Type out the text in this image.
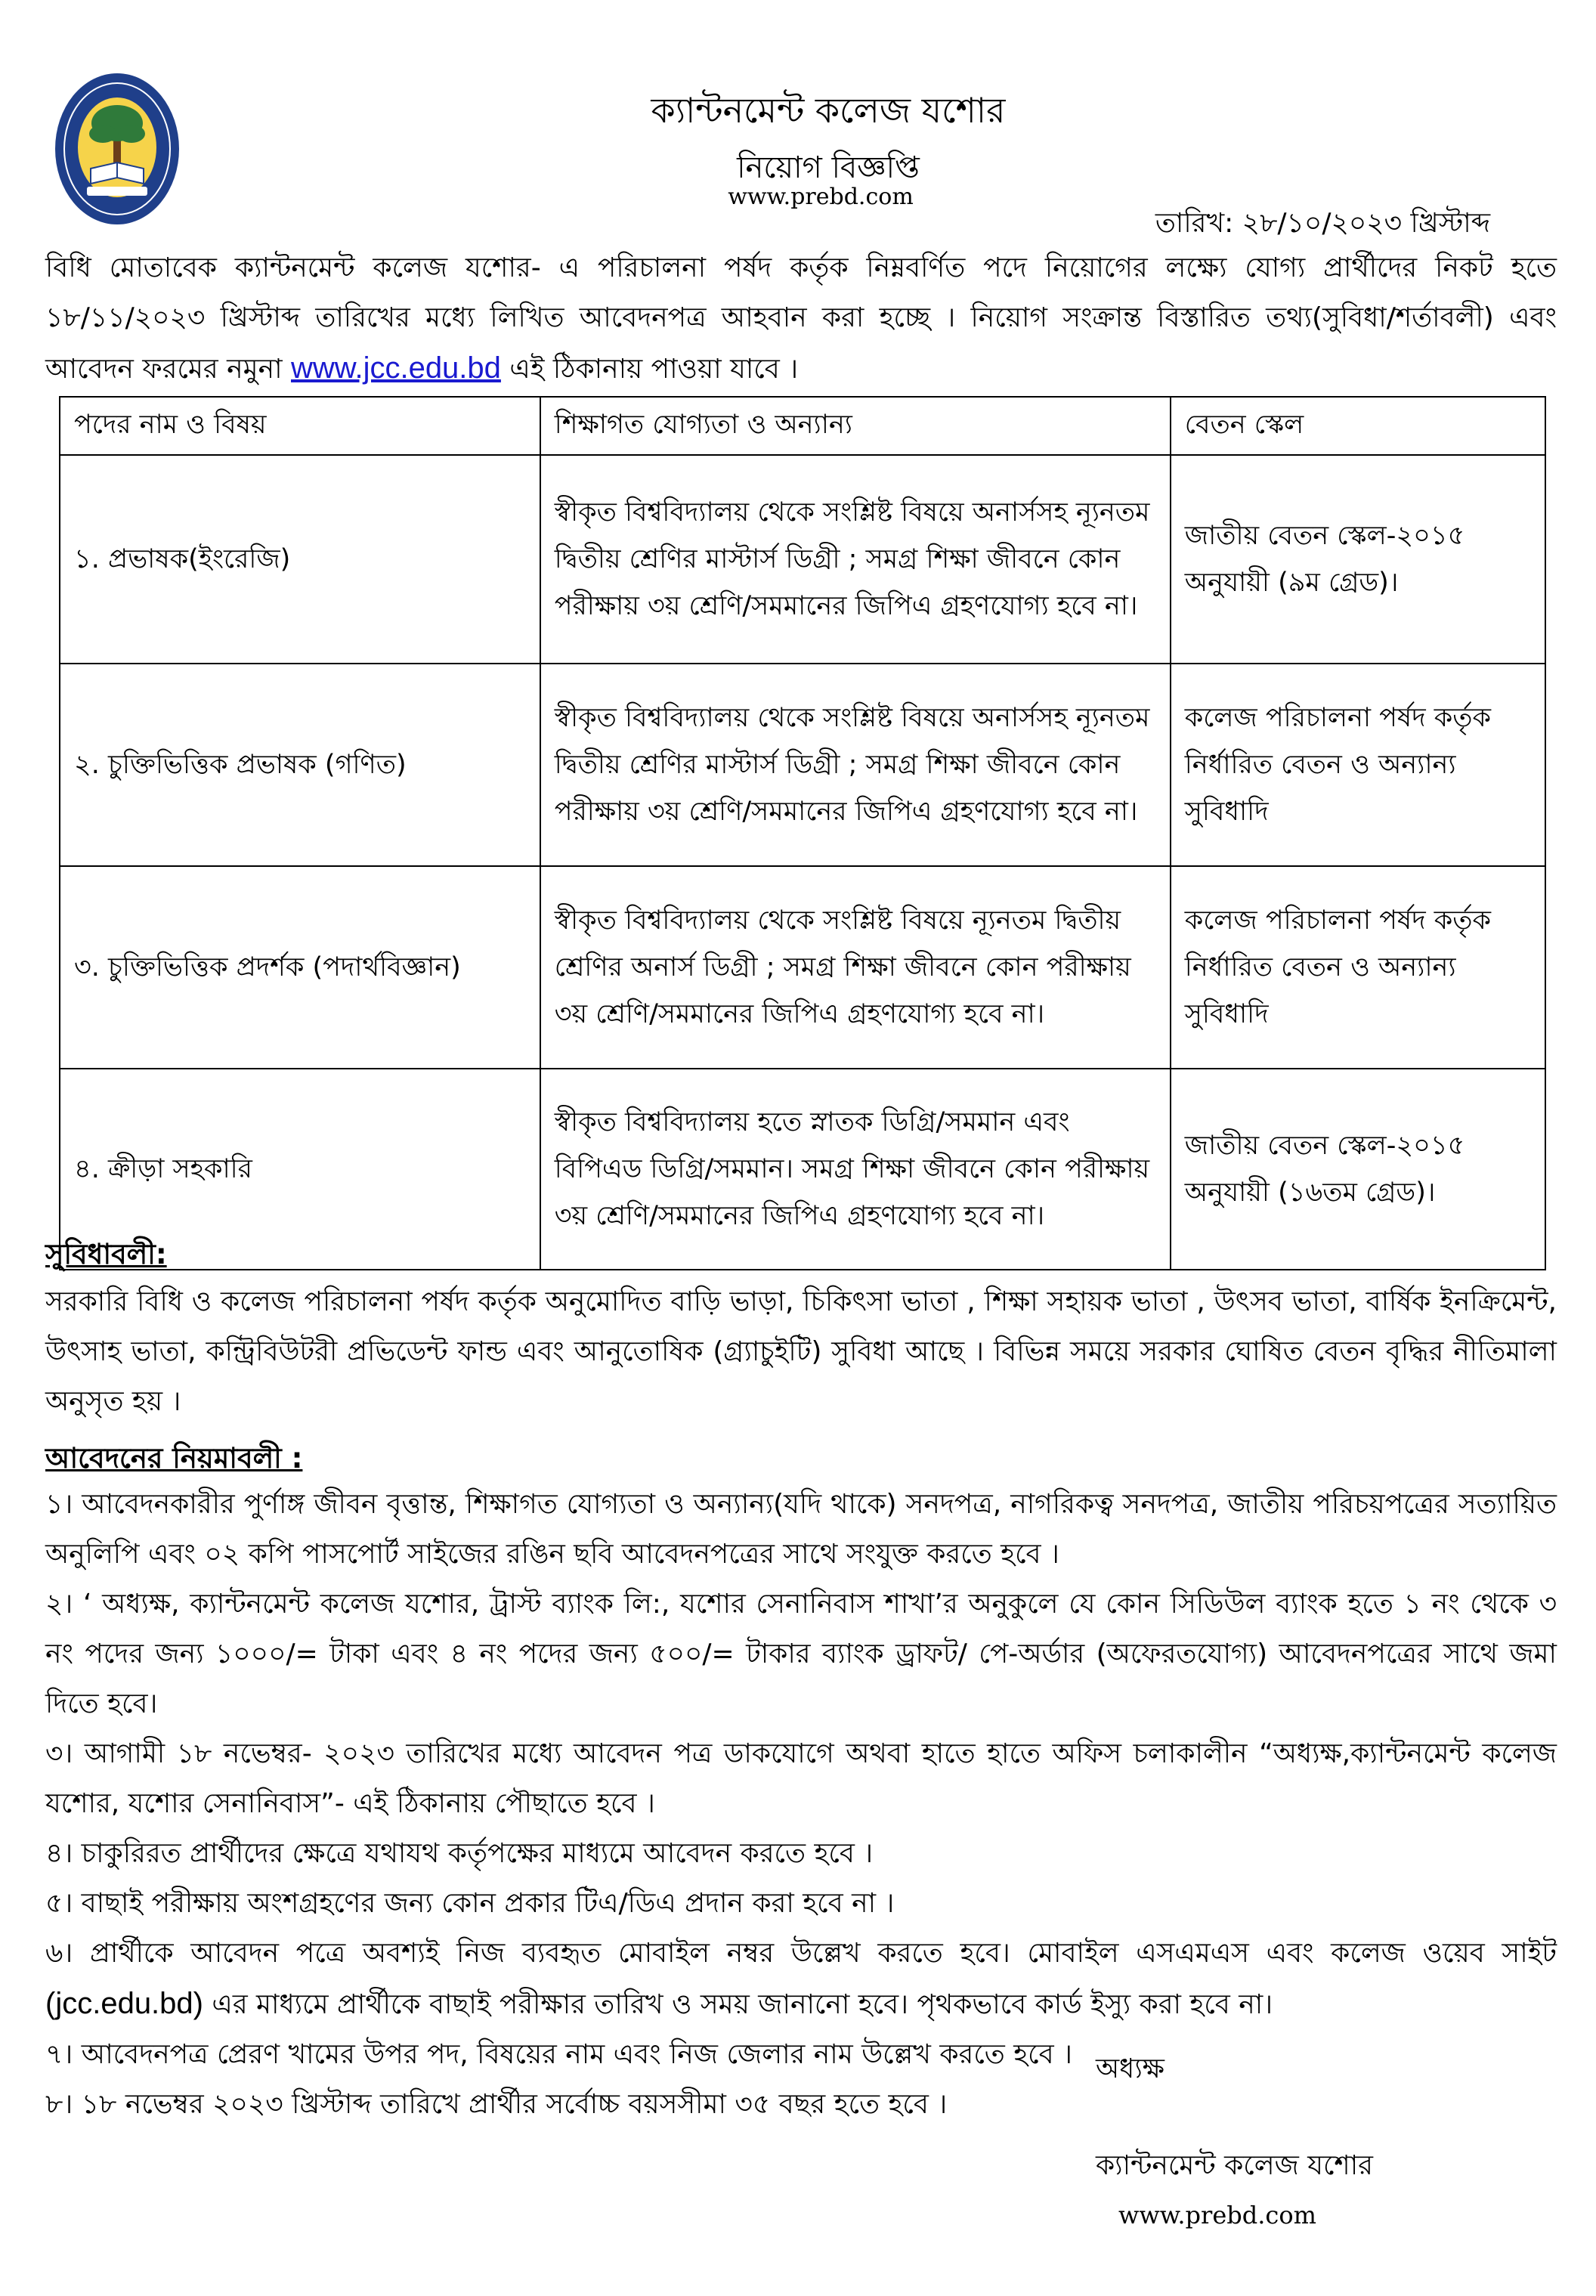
ক্যান্টনমেন্ট কলেজ যশোর
নিয়োগ বিজ্ঞপ্তি
www.prebd.com
তারিখ: ২৮/১০/২০২৩ খ্রিস্টাব্দ
বিধি মোতাবেক ক্যান্টনমেন্ট কলেজ যশোর- এ পরিচালনা পর্ষদ কর্তৃক নিম্নবর্ণিত পদে নিয়োগের লক্ষ্যে যোগ্য প্রার্থীদের নিকট হতে ১৮/১১/২০২৩ খ্রিস্টাব্দ তারিখের মধ্যে লিখিত আবেদনপত্র আহবান করা হচ্ছে । নিয়োগ সংক্রান্ত বিস্তারিত তথ্য(সুবিধা/শর্তাবলী) এবং আবেদন ফরমের নমুনা www.jcc.edu.bd এই ঠিকানায় পাওয়া যাবে ।
পদের নাম ও বিষয়	শিক্ষাগত যোগ্যতা ও অন্যান্য	বেতন স্কেল
১. প্রভাষক(ইংরেজি)	স্বীকৃত বিশ্ববিদ্যালয় থেকে সংশ্লিষ্ট বিষয়ে অনার্সসহ ন্যূনতম দ্বিতীয় শ্রেণির মাস্টার্স ডিগ্রী ; সমগ্র শিক্ষা জীবনে কোন পরীক্ষায় ৩য় শ্রেণি/সমমানের জিপিএ গ্রহণযোগ্য হবে না।	জাতীয় বেতন স্কেল-২০১৫ অনুযায়ী (৯ম গ্রেড)।
২. চুক্তিভিত্তিক প্রভাষক (গণিত)	স্বীকৃত বিশ্ববিদ্যালয় থেকে সংশ্লিষ্ট বিষয়ে অনার্সসহ ন্যূনতম দ্বিতীয় শ্রেণির মাস্টার্স ডিগ্রী ; সমগ্র শিক্ষা জীবনে কোন পরীক্ষায় ৩য় শ্রেণি/সমমানের জিপিএ গ্রহণযোগ্য হবে না।	কলেজ পরিচালনা পর্ষদ কর্তৃক নির্ধারিত বেতন ও অন্যান্য সুবিধাদি
৩. চুক্তিভিত্তিক প্রদর্শক (পদার্থবিজ্ঞান)	স্বীকৃত বিশ্ববিদ্যালয় থেকে সংশ্লিষ্ট বিষয়ে ন্যূনতম দ্বিতীয় শ্রেণির অনার্স ডিগ্রী ; সমগ্র শিক্ষা জীবনে কোন পরীক্ষায় ৩য় শ্রেণি/সমমানের জিপিএ গ্রহণযোগ্য হবে না।	কলেজ পরিচালনা পর্ষদ কর্তৃক নির্ধারিত বেতন ও অন্যান্য সুবিধাদি
৪. ক্রীড়া সহকারি	স্বীকৃত বিশ্ববিদ্যালয় হতে স্নাতক ডিগ্রি/সমমান এবং বিপিএড ডিগ্রি/সমমান। সমগ্র শিক্ষা জীবনে কোন পরীক্ষায় ৩য় শ্রেণি/সমমানের জিপিএ গ্রহণযোগ্য হবে না।	জাতীয় বেতন স্কেল-২০১৫ অনুযায়ী (১৬তম গ্রেড)।
সুবিধাবলী:
সরকারি বিধি ও কলেজ পরিচালনা পর্ষদ কর্তৃক অনুমোদিত বাড়ি ভাড়া, চিকিৎসা ভাতা , শিক্ষা সহায়ক ভাতা , উৎসব ভাতা, বার্ষিক ইনক্রিমেন্ট, উৎসাহ ভাতা, কন্ট্রিবিউটরী প্রভিডেন্ট ফান্ড এবং আনুতোষিক (গ্র্যাচুইটি) সুবিধা আছে । বিভিন্ন সময়ে সরকার ঘোষিত বেতন বৃদ্ধির নীতিমালা অনুসৃত হয় ।
আবেদনের নিয়মাবলী :
১। আবেদনকারীর পুর্ণাঙ্গ জীবন বৃত্তান্ত, শিক্ষাগত যোগ্যতা ও অন্যান্য(যদি থাকে) সনদপত্র, নাগরিকত্ব সনদপত্র, জাতীয় পরিচয়পত্রের সত্যায়িত অনুলিপি এবং ০২ কপি পাসপোর্ট সাইজের রঙিন ছবি আবেদনপত্রের সাথে সংযুক্ত করতে হবে ।
২। ‘ অধ্যক্ষ, ক্যান্টনমেন্ট কলেজ যশোর, ট্রাস্ট ব্যাংক লি:, যশোর সেনানিবাস শাখা’র অনুকুলে যে কোন সিডিউল ব্যাংক হতে ১ নং থেকে ৩ নং পদের জন্য ১০০০/= টাকা এবং ৪ নং পদের জন্য ৫০০/= টাকার ব্যাংক ড্রাফট/ পে-অর্ডার (অফেরতযোগ্য) আবেদনপত্রের সাথে জমা দিতে হবে।
৩। আগামী ১৮ নভেম্বর- ২০২৩ তারিখের মধ্যে আবেদন পত্র ডাকযোগে অথবা হাতে হাতে অফিস চলাকালীন “অধ্যক্ষ,ক্যান্টনমেন্ট কলেজ যশোর, যশোর সেনানিবাস”- এই ঠিকানায় পৌছাতে হবে ।
৪। চাকুরিরত প্রার্থীদের ক্ষেত্রে যথাযথ কর্তৃপক্ষের মাধ্যমে আবেদন করতে হবে ।
৫। বাছাই পরীক্ষায় অংশগ্রহণের জন্য কোন প্রকার টিএ/ডিএ প্রদান করা হবে না ।
৬। প্রার্থীকে আবেদন পত্রে অবশ্যই নিজ ব্যবহৃত মোবাইল নম্বর উল্লেখ করতে হবে। মোবাইল এসএমএস এবং কলেজ ওয়েব সাইট (jcc.edu.bd) এর মাধ্যমে প্রার্থীকে বাছাই পরীক্ষার তারিখ ও সময় জানানো হবে। পৃথকভাবে কার্ড ইস্যু করা হবে না।
৭। আবেদনপত্র প্রেরণ খামের উপর পদ, বিষয়ের নাম এবং নিজ জেলার নাম উল্লেখ করতে হবে ।
৮। ১৮ নভেম্বর ২০২৩ খ্রিস্টাব্দ তারিখে প্রার্থীর সর্বোচ্চ বয়সসীমা ৩৫ বছর হতে হবে ।
অধ্যক্ষ
ক্যান্টনমেন্ট কলেজ যশোর
www.prebd.com
